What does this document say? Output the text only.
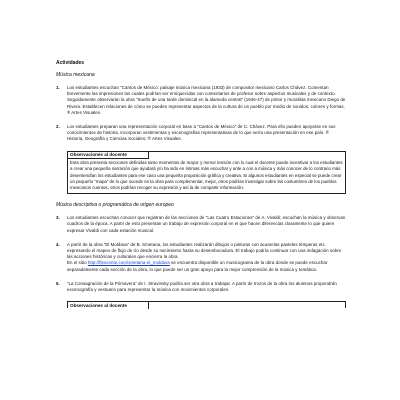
Actividades
Música mexicana
1.	Los estudiantes escuchan “Cantos de México: paisaje música mexicana (1933) de compositor mexicano Carlos Chávez. Comentan brevemente las impresiones las cuales podrían ser enriquecidas con comentarios de profesor sobre aspectos musicales y de contexto. Seguidamente observarán la obra “Sueño de una tarde dominical en la alameda central” (1946-47) de pintor y muralista mexicano Diego de Rivera. Establecen relaciones de cómo se pueden representar aspectos de la cultura de un pueblo por medio de sonidos, colores y formas. ® Artes Visuales.
2.	Los estudiantes preparan una representación corporal en base a “Cantos de México” de C. Chávez. Para ello pueden apoyarse en sus conocimientos de historia, incorporan vestimentas y escenografías representativas de lo que sería una presentación en ese país. ® Historia, Geografía y Ciencias Sociales; ® Artes Visuales.
Observaciones al docente
Esta obra presenta secciones definidas tanto momentos de mayor y menor tensión con lo cual el docente puede incentivar a los estudiantes a crear una pequeña narración que ayudará y/o ha sido en íntimas más escuchar y ante a con a música y más conocer de lo contrario más desentendían los estudiantes para ese caso una pequeña proposición gráfica y creativa. Si algunos estudiantes en especial se puede crear un pequeño “mapa” de lo que sucede en la obra para complementar, mejor, otros podrían investigar sobre las costumbres de los pueblos mexicanos cuentos, otros podrían recoger su expresión y así la de compartir información.
Música descriptiva o programática de origen europeo
3.	Los estudiantes escuchan conocer que registran de las secciones de “Las Cuatro Estaciones” de A. Vivaldi; escuchan la música y observan cuadros de la época. A partir de esto presentan un trabajo de expresión corporal en el que hacen diferencias claramente lo que quiere expresar Vivaldi con cada estación musical.
4.	A partir de la obra “El Moldava” de B. Smetana, los estudiantes realizarán dibujos o pinturas con acuarelas pasteles témperas etc. expresando el mapeo de flujo de río desde su nacimiento hasta su desembocadura. El trabajo podría continuar con una indagación sobre las acciones históricas y culturales que encierra la obra.
En el sitio http://flexcente.com/smetana-el_moldava se encuentra disponible un musicograma de la obra donde se puede escuchar separadamente cada sección de la obra, lo que puede ser un gran apoyo para la mejor comprensión de la música y temática.
5.	“La Consagración de la Primavera” de I. Stravinsky podría ser otra obra a trabajar. A partir de trozos de la obra los alumnos propondrán escenografía y vestuario para representar la música con movimientos corporales.
Observaciones al docente
